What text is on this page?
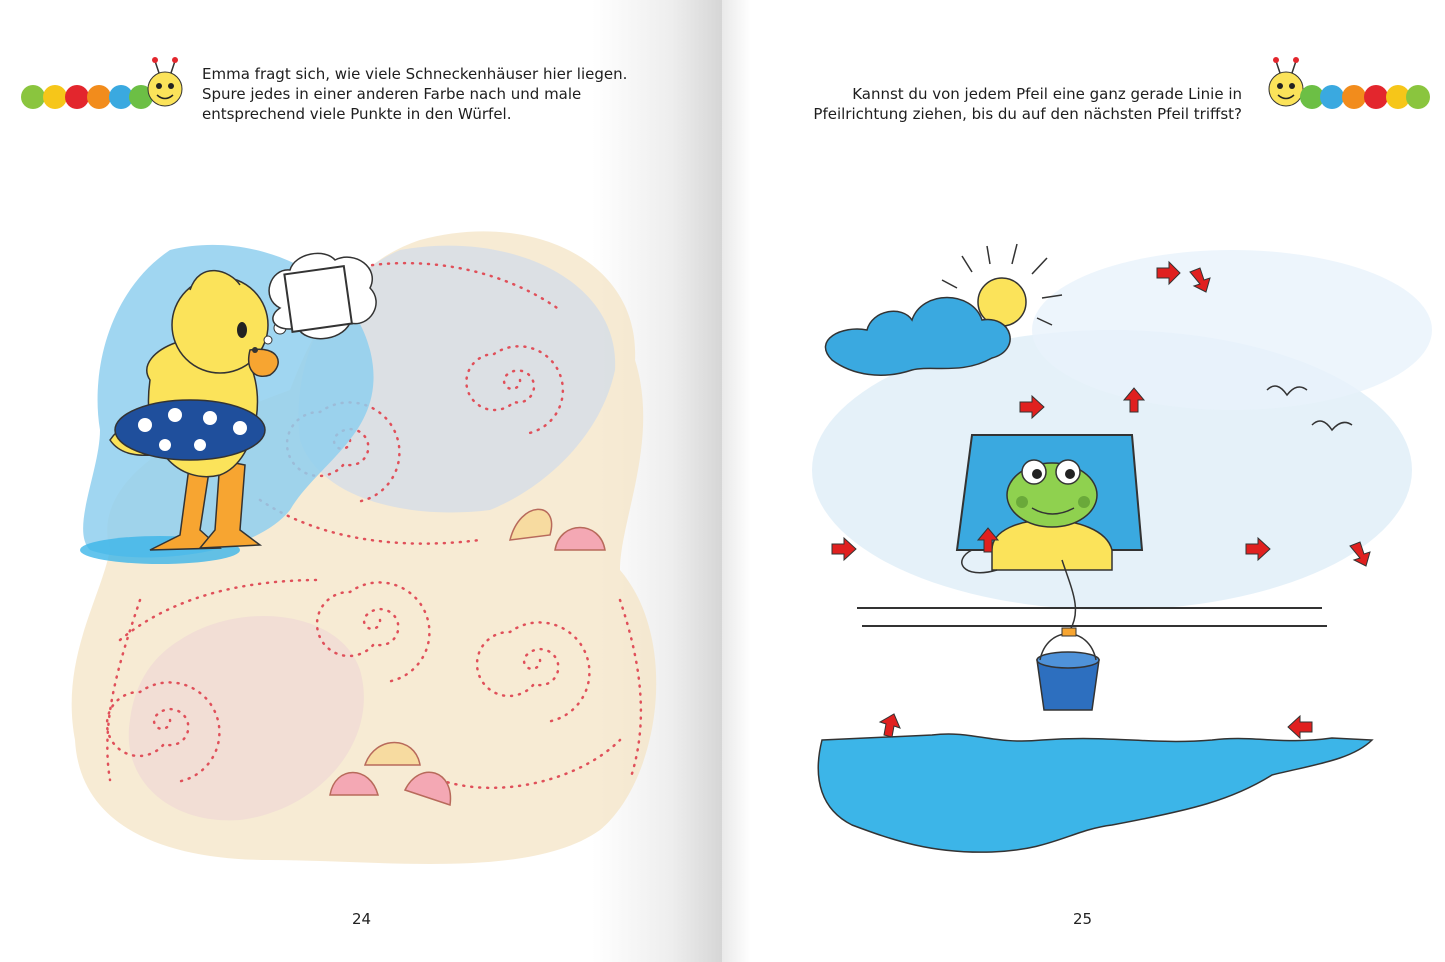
Emma fragt sich, wie viele Schneckenhäuser hier liegen.
Spure jedes in einer anderen Farbe nach und male
entsprechend viele Punkte in den Würfel.
24
Kannst du von jedem Pfeil eine ganz gerade Linie in
Pfeilrichtung ziehen, bis du auf den nächsten Pfeil triffst?
25
